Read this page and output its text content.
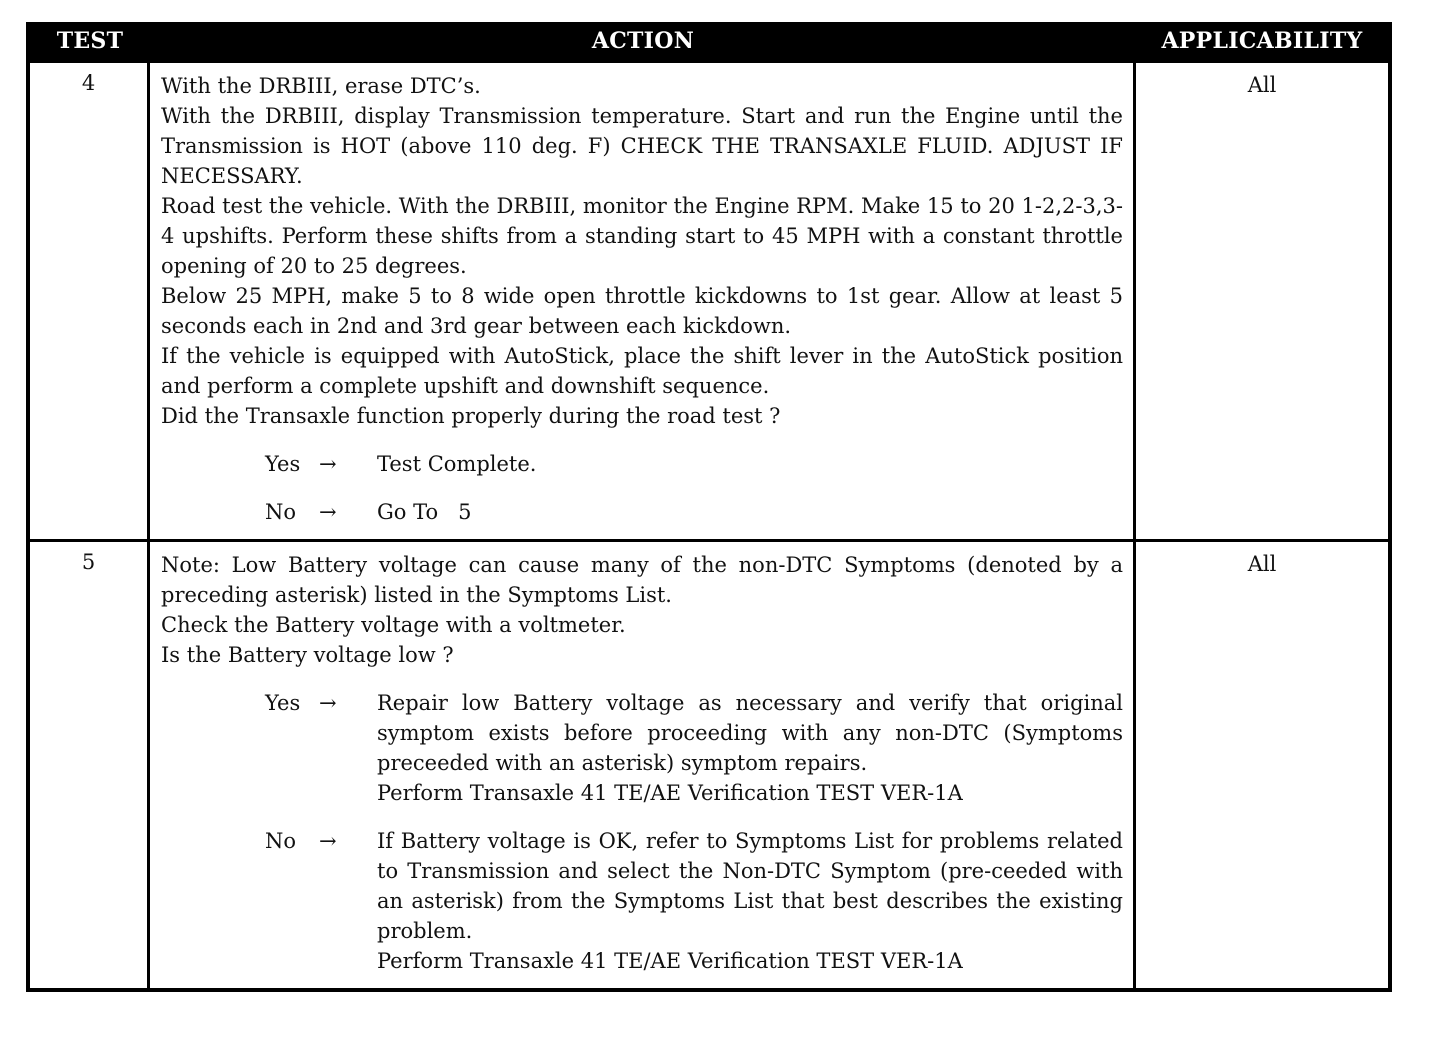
TEST	ACTION	APPLICABILITY
4	With the DRBIII, erase DTC’s.
With the DRBIII, display Transmission temperature. Start and run the Engine until the Transmission is HOT (above 110 deg. F) CHECK THE TRANSAXLE FLUID. ADJUST IF NECESSARY.
Road test the vehicle. With the DRBIII, monitor the Engine RPM. Make 15 to 20 1-2,2-3,3-4 upshifts. Perform these shifts from a standing start to 45 MPH with a constant throttle opening of 20 to 25 degrees.
Below 25 MPH, make 5 to 8 wide open throttle kickdowns to 1st gear. Allow at least 5 seconds each in 2nd and 3rd gear between each kickdown.
If the vehicle is equipped with AutoStick, place the shift lever in the AutoStick position and perform a complete upshift and downshift sequence.
Did the Transaxle function properly during the road test ?
Yes →	Test Complete.
No	→	Go To   5
All
5	Note: Low Battery voltage can cause many of the non-DTC Symptoms (denoted by a preceding asterisk) listed in the Symptoms List.
Check the Battery voltage with a voltmeter.
Is the Battery voltage low ?
Yes →	Repair low Battery voltage as necessary and verify that original symptom exists before proceeding with any non-DTC (Symptoms preceeded with an asterisk) symptom repairs.
Perform Transaxle 41 TE/AE Verification TEST VER-1A
No	→	If Battery voltage is OK, refer to Symptoms List for problems related to Transmission and select the Non-DTC Symptom (pre-ceeded with an asterisk) from the Symptoms List that best describes the existing problem.
Perform Transaxle 41 TE/AE Verification TEST VER-1A
All
